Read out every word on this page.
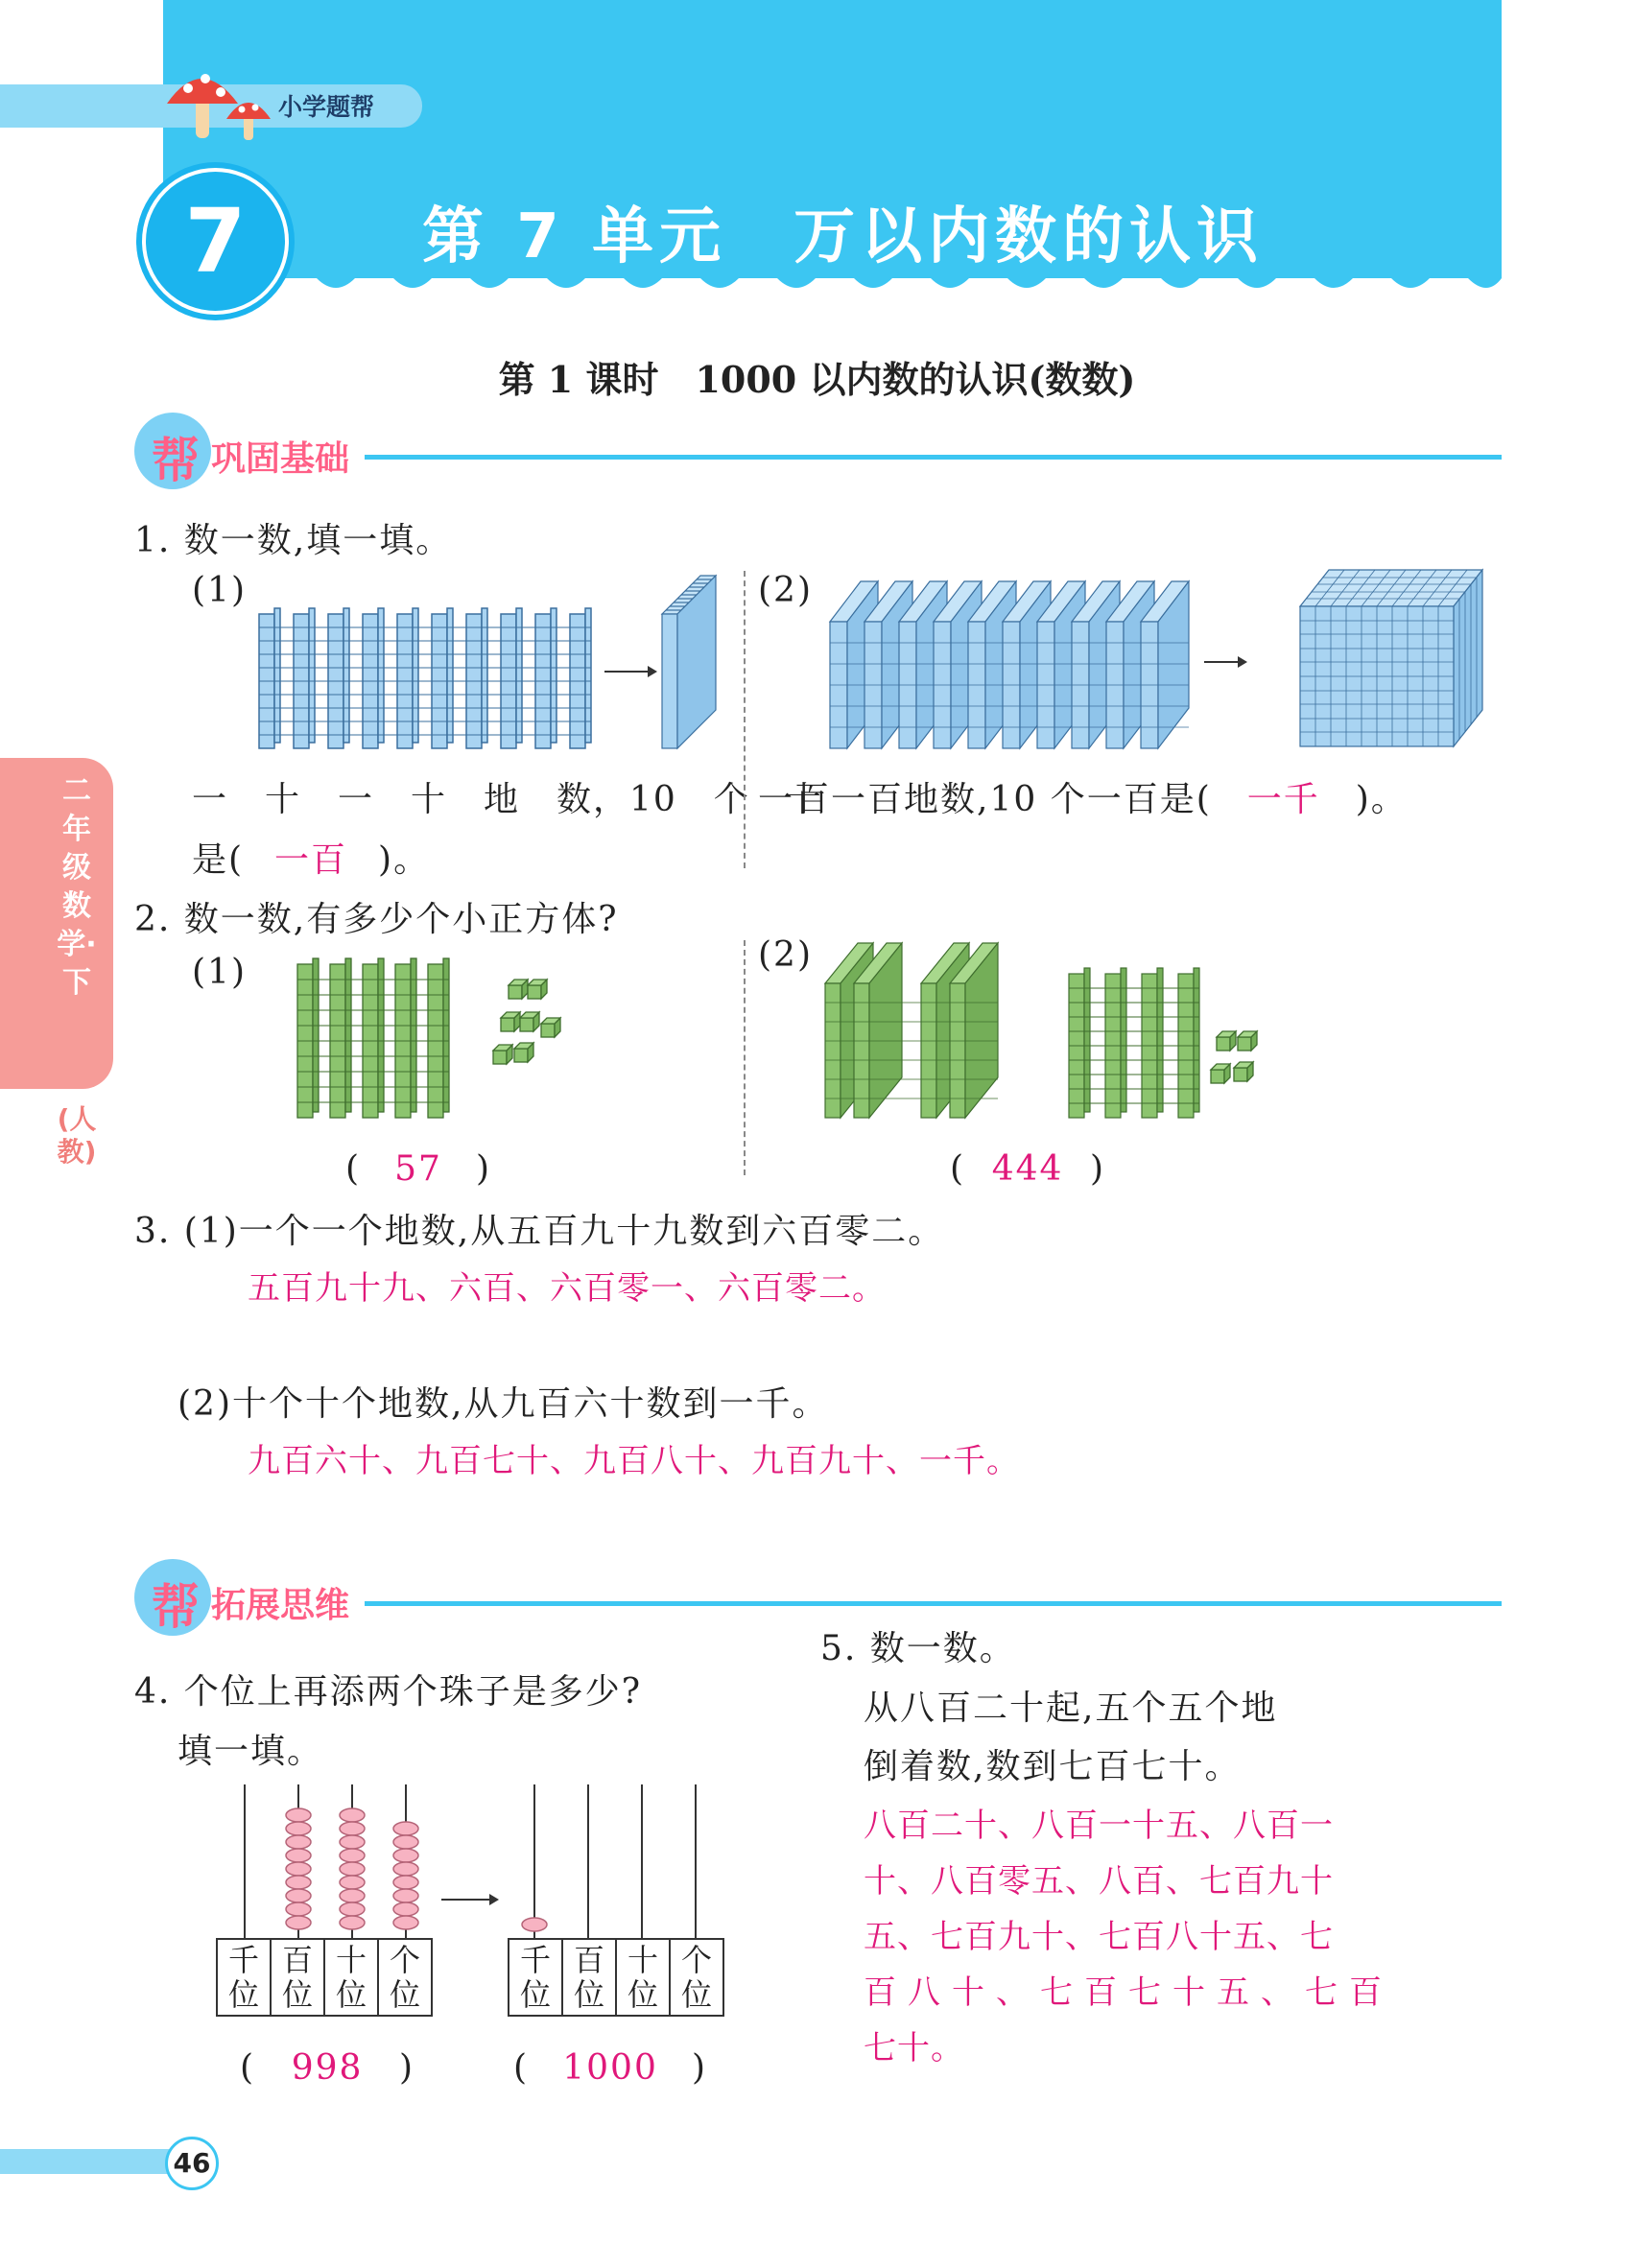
小学题帮
7	第 7 单元　万以内数的认识
第 1 课时　1000 以内数的认识(数数)
二年级数学·下
(人教)
帮 巩固基础
1. 数一数,填一填。
(1)
一　十　一　十　地　数，10　个　十
是( 一百 )。
(2)
一百一百地数,10 个一百是( 一千 )。
2. 数一数,有多少个小正方体?
(1)
( 57 )
(2)
( 444 )
3. (1)一个一个地数,从五百九十九数到六百零二。
五百九十九、六百、六百零一、六百零二。
(2)十个十个地数,从九百六十数到一千。
九百六十、九百七十、九百八十、九百九十、一千。
帮 拓展思维
4. 个位上再添两个珠子是多少?
填一填。
千
位
百
位
十
位
个
位
千
位
百
位
十
位
个
位
( 998 )	( 1000 )
5. 数一数。
从八百二十起,五个五个地
倒着数,数到七百七十。
八百二十、八百一十五、八百一
十、八百零五、八百、七百九十
五、七百九十、七百八十五、七
百八十、七百七十五、七百
七十。
46
